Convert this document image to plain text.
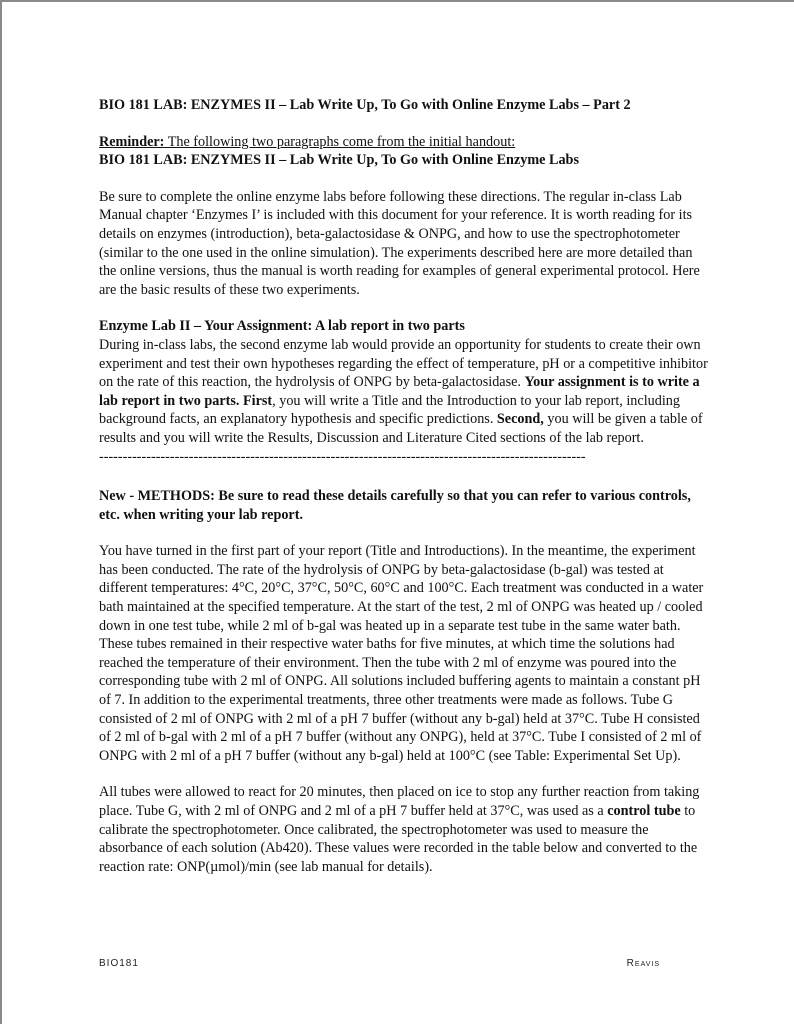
BIO 181 LAB: ENZYMES II – Lab Write Up, To Go with Online Enzyme Labs – Part 2

Reminder: The following two paragraphs come from the initial handout:

BIO 181 LAB: ENZYMES II – Lab Write Up, To Go with Online Enzyme Labs

Be sure to complete the online enzyme labs before following these directions. The regular in-class Lab Manual chapter ‘Enzymes I’ is included with this document for your reference. It is worth reading for its details on enzymes (introduction), beta-galactosidase & ONPG, and how to use the spectrophotometer (similar to the one used in the online simulation). The experiments described here are more detailed than the online versions, thus the manual is worth reading for examples of general experimental protocol. Here are the basic results of these two experiments.

Enzyme Lab II – Your Assignment: A lab report in two parts

During in-class labs, the second enzyme lab would provide an opportunity for students to create their own experiment and test their own hypotheses regarding the effect of temperature, pH or a competitive inhibitor on the rate of this reaction, the hydrolysis of ONPG by beta-galactosidase. Your assignment is to write a lab report in two parts. First, you will write a Title and the Introduction to your lab report, including background facts, an explanatory hypothesis and specific predictions. Second, you will be given a table of results and you will write the Results, Discussion and Literature Cited sections of the lab report.

-------------------------------------------------------------------------------------------------------

New - METHODS: Be sure to read these details carefully so that you can refer to various controls, etc. when writing your lab report.

You have turned in the first part of your report (Title and Introductions). In the meantime, the experiment has been conducted. The rate of the hydrolysis of ONPG by beta-galactosidase (b-gal) was tested at different temperatures: 4°C, 20°C, 37°C, 50°C, 60°C and 100°C. Each treatment was conducted in a water bath maintained at the specified temperature. At the start of the test, 2 ml of ONPG was heated up / cooled down in one test tube, while 2 ml of b-gal was heated up in a separate test tube in the same water bath. These tubes remained in their respective water baths for five minutes, at which time the solutions had reached the temperature of their environment. Then the tube with 2 ml of enzyme was poured into the corresponding tube with 2 ml of ONPG. All solutions included buffering agents to maintain a constant pH of 7. In addition to the experimental treatments, three other treatments were made as follows. Tube G consisted of 2 ml of ONPG with 2 ml of a pH 7 buffer (without any b-gal) held at 37°C. Tube H consisted of 2 ml of b-gal with 2 ml of a pH 7 buffer (without any ONPG), held at 37°C. Tube I consisted of 2 ml of ONPG with 2 ml of a pH 7 buffer (without any b-gal) held at 100°C (see Table: Experimental Set Up).

All tubes were allowed to react for 20 minutes, then placed on ice to stop any further reaction from taking place. Tube G, with 2 ml of ONPG and 2 ml of a pH 7 buffer held at 37°C, was used as a control tube to calibrate the spectrophotometer. Once calibrated, the spectrophotometer was used to measure the absorbance of each solution (Ab420). These values were recorded in the table below and converted to the reaction rate: ONP(µmol)/min (see lab manual for details).

BIO181	Reavis
